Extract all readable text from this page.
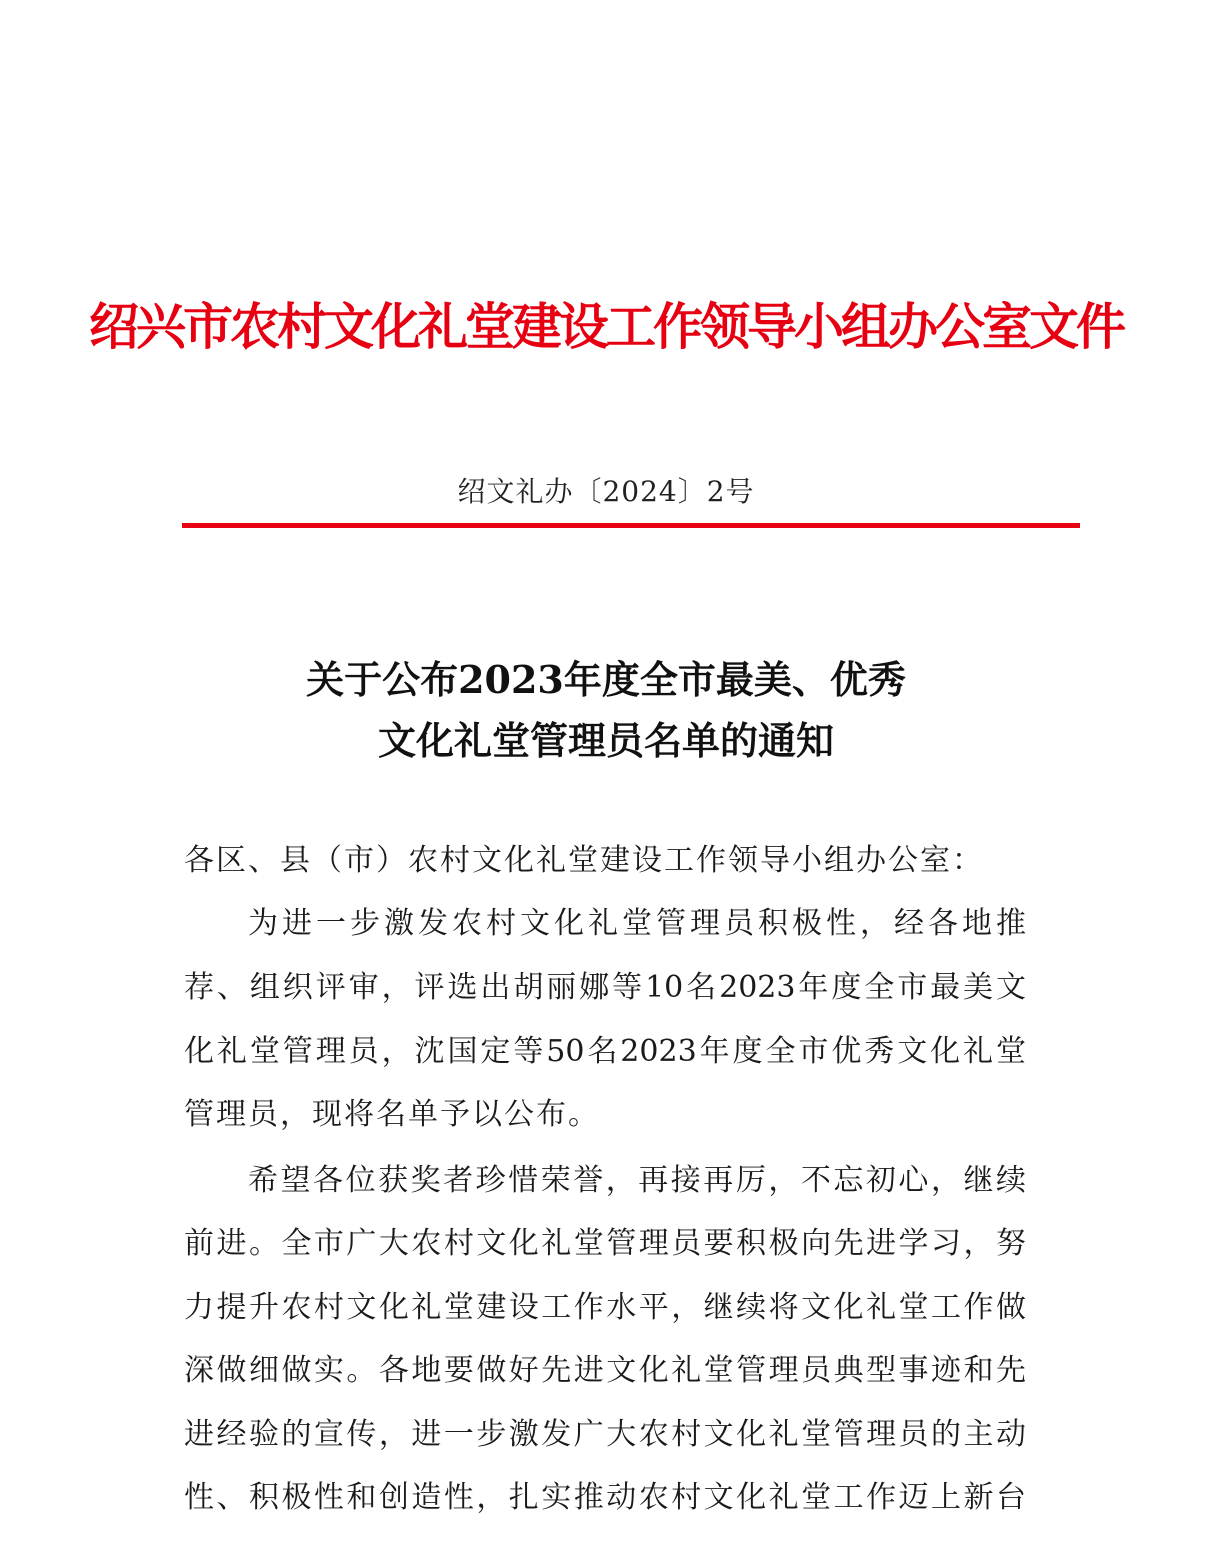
绍兴市农村文化礼堂建设工作领导小组办公室文件
绍文礼办〔2024〕2号
关于公布2023年度全市最美、优秀
文化礼堂管理员名单的通知
各区、县（市）农村文化礼堂建设工作领导小组办公室：
为进一步激发农村文化礼堂管理员积极性，经各地推
荐、组织评审，评选出胡丽娜等10名2023年度全市最美文
化礼堂管理员，沈国定等50名2023年度全市优秀文化礼堂
管理员，现将名单予以公布。
希望各位获奖者珍惜荣誉，再接再厉，不忘初心，继续
前进。全市广大农村文化礼堂管理员要积极向先进学习，努
力提升农村文化礼堂建设工作水平，继续将文化礼堂工作做
深做细做实。各地要做好先进文化礼堂管理员典型事迹和先
进经验的宣传，进一步激发广大农村文化礼堂管理员的主动
性、积极性和创造性，扎实推动农村文化礼堂工作迈上新台
